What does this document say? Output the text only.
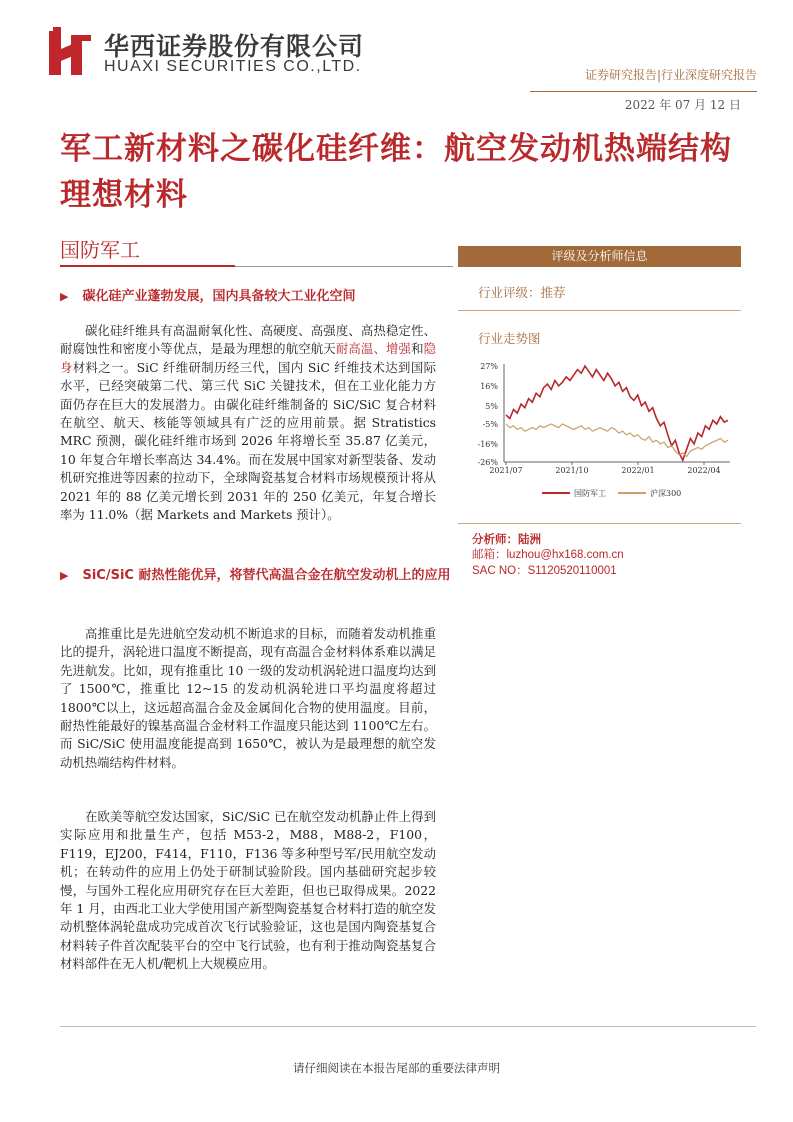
华西证券股份有限公司
HUAXI SECURITIES CO.,LTD.	证券研究报告|行业深度研究报告
2022 年 07 月 12 日
军工新材料之碳化硅纤维：航空发动机热端结构理想材料
国防军工
▶ 碳化硅产业蓬勃发展，国内具备较大工业化空间
碳化硅纤维具有高温耐氧化性、高硬度、高强度、高热稳定性、耐腐蚀性和密度小等优点，是最为理想的航空航天耐高温、增强和隐身材料之一。SiC 纤维研制历经三代，国内 SiC 纤维技术达到国际水平，已经突破第二代、第三代 SiC 关键技术，但在工业化能力方面仍存在巨大的发展潜力。由碳化硅纤维制备的 SiC/SiC 复合材料在航空、航天、核能等领域具有广泛的应用前景。据 Stratistics MRC 预测，碳化硅纤维市场到 2026 年将增长至 35.87 亿美元，10 年复合年增长率高达 34.4%。而在发展中国家对新型装备、发动机研究推进等因素的拉动下，全球陶瓷基复合材料市场规模预计将从 2021 年的 88 亿美元增长到 2031 年的 250 亿美元，年复合增长率为 11.0%（据 Markets and Markets 预计）。
▶ SiC/SiC 耐热性能优异，将替代高温合金在航空发动机上的应用
高推重比是先进航空发动机不断追求的目标，而随着发动机推重比的提升，涡轮进口温度不断提高，现有高温合金材料体系难以满足先进航发。比如，现有推重比 10 一级的发动机涡轮进口温度均达到了 1500℃，推重比 12~15 的发动机涡轮进口平均温度将超过 1800℃以上，这远超高温合金及金属间化合物的使用温度。目前，耐热性能最好的镍基高温合金材料工作温度只能达到 1100℃左右。而 SiC/SiC 使用温度能提高到 1650℃，被认为是最理想的航空发动机热端结构件材料。
在欧美等航空发达国家，SiC/SiC 已在航空发动机静止件上得到实际应用和批量生产，包括 M53-2，M88，M88-2，F100，F119，EJ200，F414，F110，F136 等多种型号军/民用航空发动机；在转动件的应用上仍处于研制试验阶段。国内基础研究起步较慢，与国外工程化应用研究存在巨大差距，但也已取得成果。2022 年 1 月，由西北工业大学使用国产新型陶瓷基复合材料打造的航空发动机整体涡轮盘成功完成首次飞行试验验证，这也是国内陶瓷基复合材料转子件首次配装平台的空中飞行试验，也有利于推动陶瓷基复合材料部件在无人机/靶机上大规模应用。
评级及分析师信息
行业评级：推荐
行业走势图
27%
16%
5%
-5%
-16%
-26%
2021/07	2021/10	2022/01	2022/04
国防军工	沪深300
分析师：陆洲
邮箱：luzhou@hx168.com.cn
SAC NO：S1120520110001
请仔细阅读在本报告尾部的重要法律声明
